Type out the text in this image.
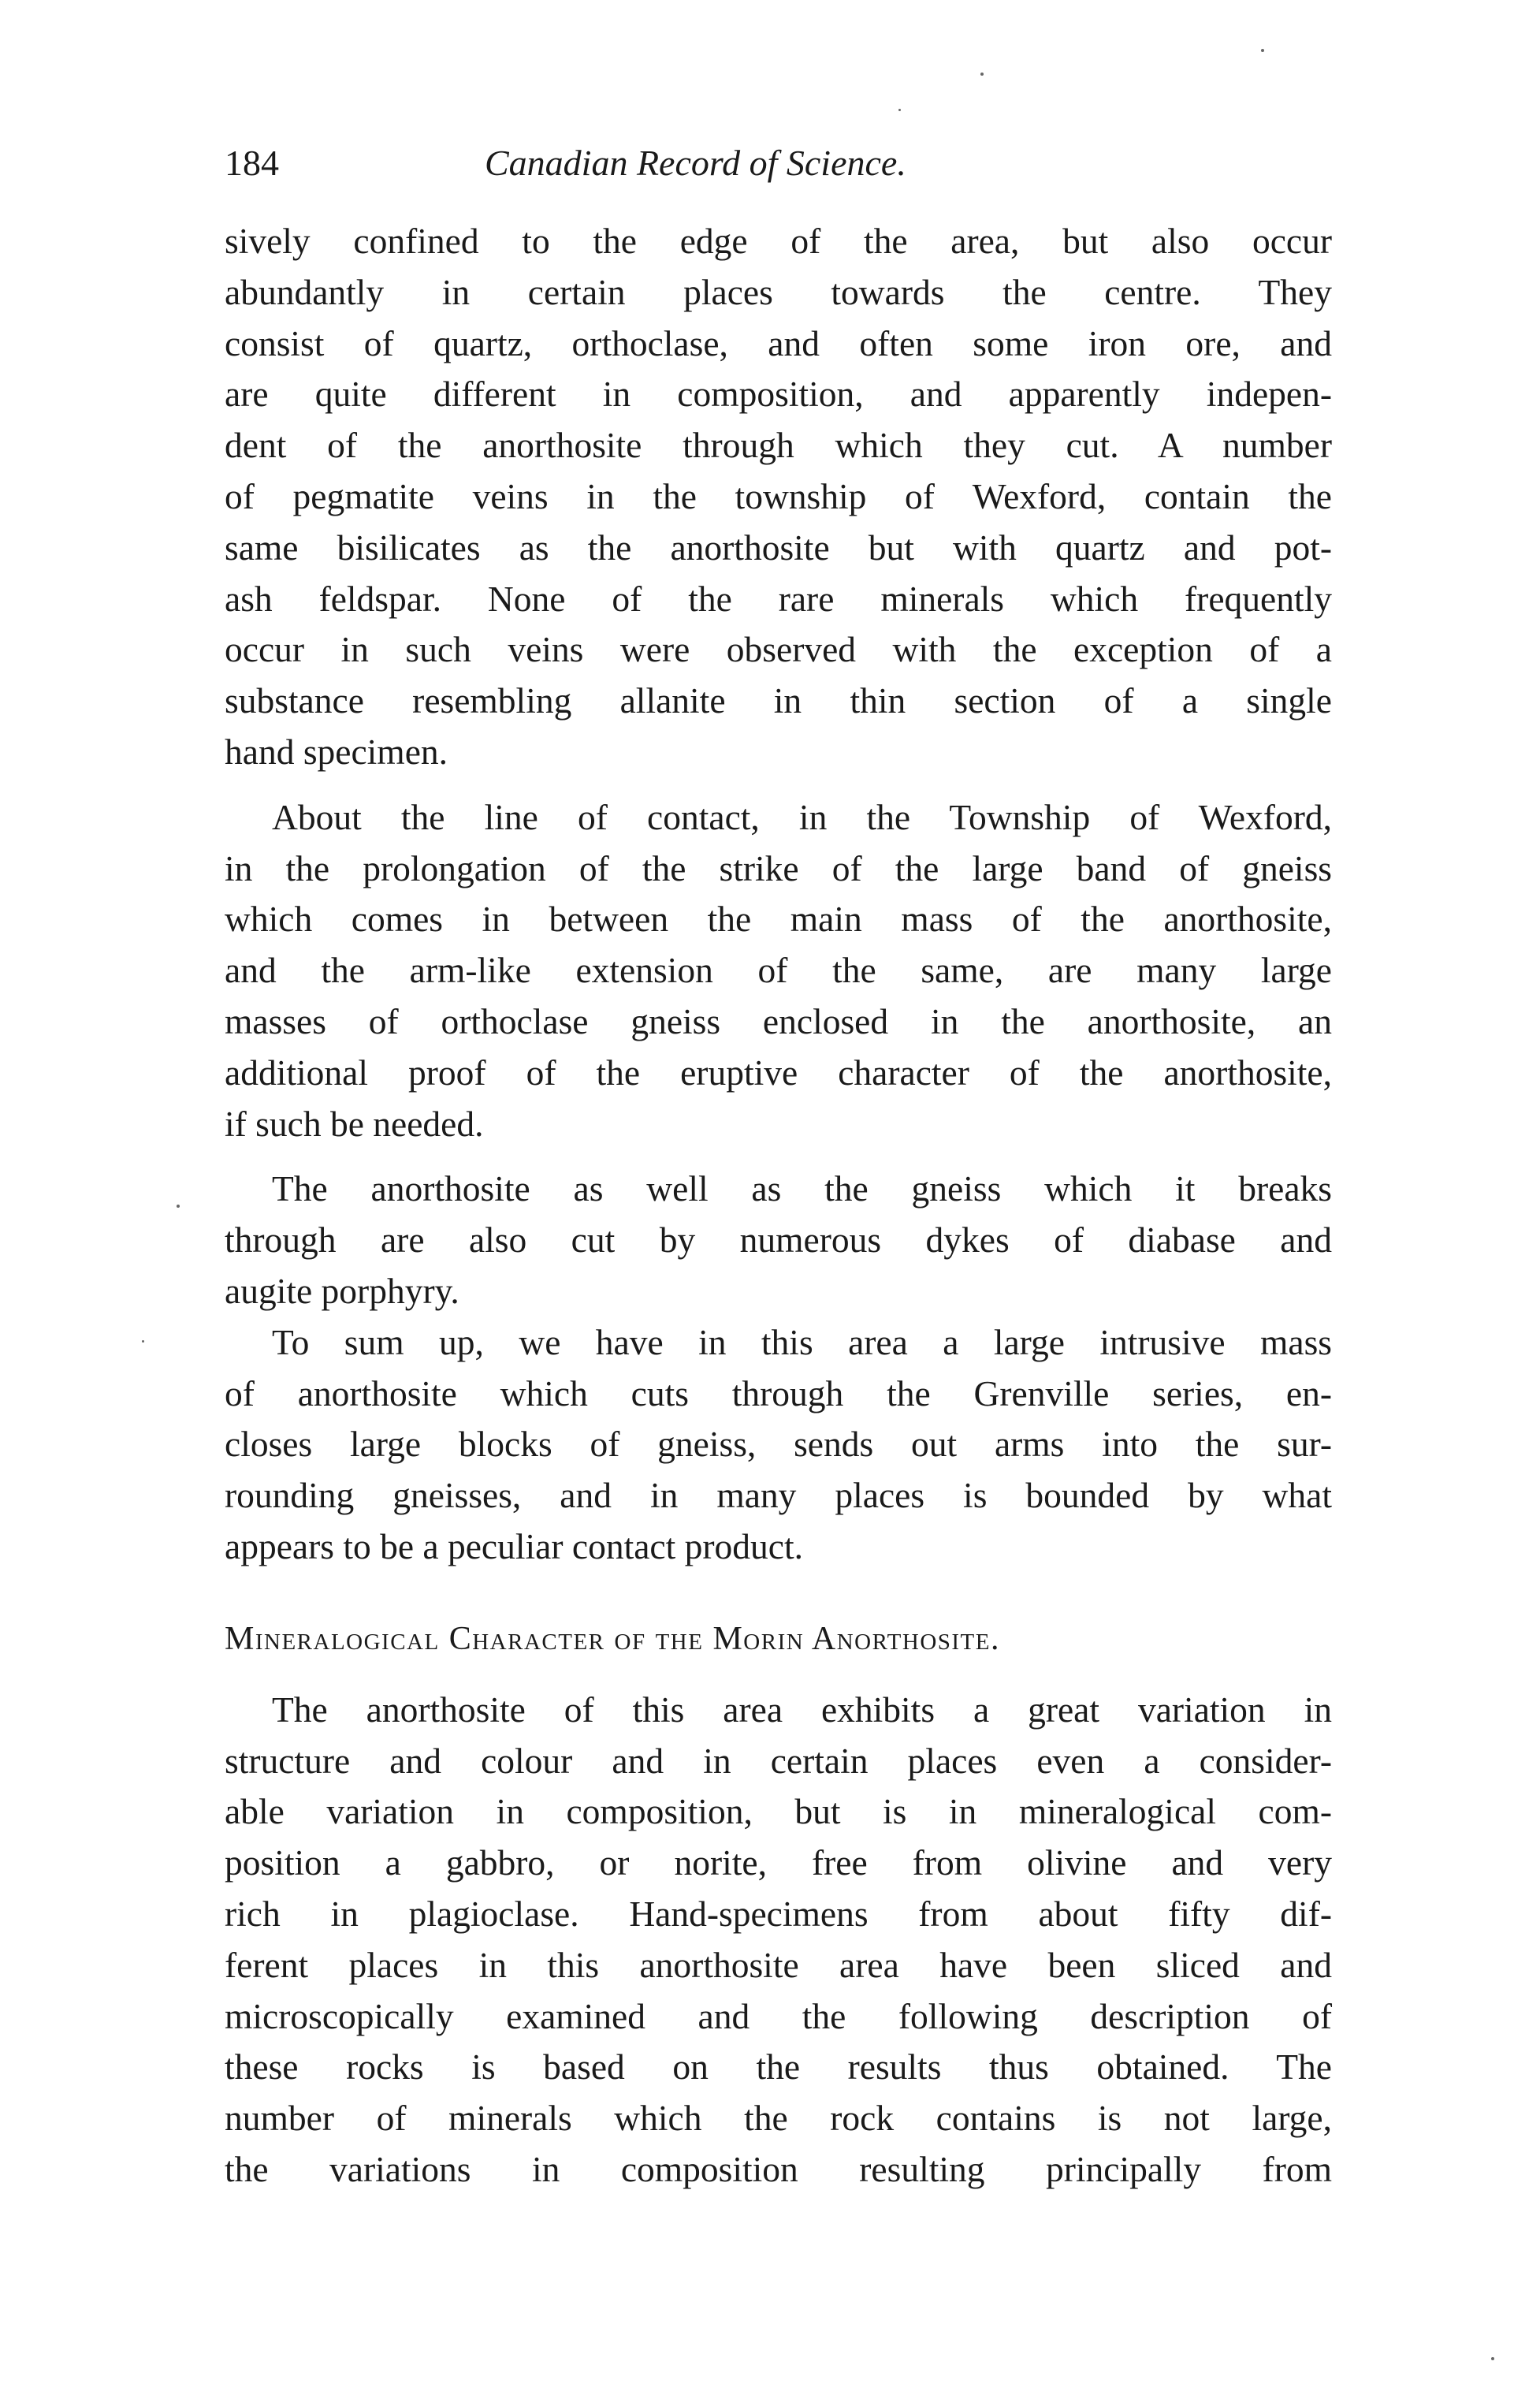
184	Canadian Record of Science.

sively confined to the edge of the area, but also occur
abundantly in certain places towards the centre. They
consist of quartz, orthoclase, and often some iron ore, and
are quite different in composition, and apparently indepen-
dent of the anorthosite through which they cut. A number
of pegmatite veins in the township of Wexford, contain the
same bisilicates as the anorthosite but with quartz and pot-
ash feldspar. None of the rare minerals which frequently
occur in such veins were observed with the exception of a
substance resembling allanite in thin section of a single
hand specimen.

About the line of contact, in the Township of Wexford,
in the prolongation of the strike of the large band of gneiss
which comes in between the main mass of the anorthosite,
and the arm-like extension of the same, are many large
masses of orthoclase gneiss enclosed in the anorthosite, an
additional proof of the eruptive character of the anorthosite,
if such be needed.

The anorthosite as well as the gneiss which it breaks
through are also cut by numerous dykes of diabase and
augite porphyry.

To sum up, we have in this area a large intrusive mass
of anorthosite which cuts through the Grenville series, en-
closes large blocks of gneiss, sends out arms into the sur-
rounding gneisses, and in many places is bounded by what
appears to be a peculiar contact product.

Mineralogical Character of the Morin Anorthosite.

The anorthosite of this area exhibits a great variation in
structure and colour and in certain places even a consider-
able variation in composition, but is in mineralogical com-
position a gabbro, or norite, free from olivine and very
rich in plagioclase. Hand-specimens from about fifty dif-
ferent places in this anorthosite area have been sliced and
microscopically examined and the following description of
these rocks is based on the results thus obtained. The
number of minerals which the rock contains is not large,
the variations in composition resulting principally from
